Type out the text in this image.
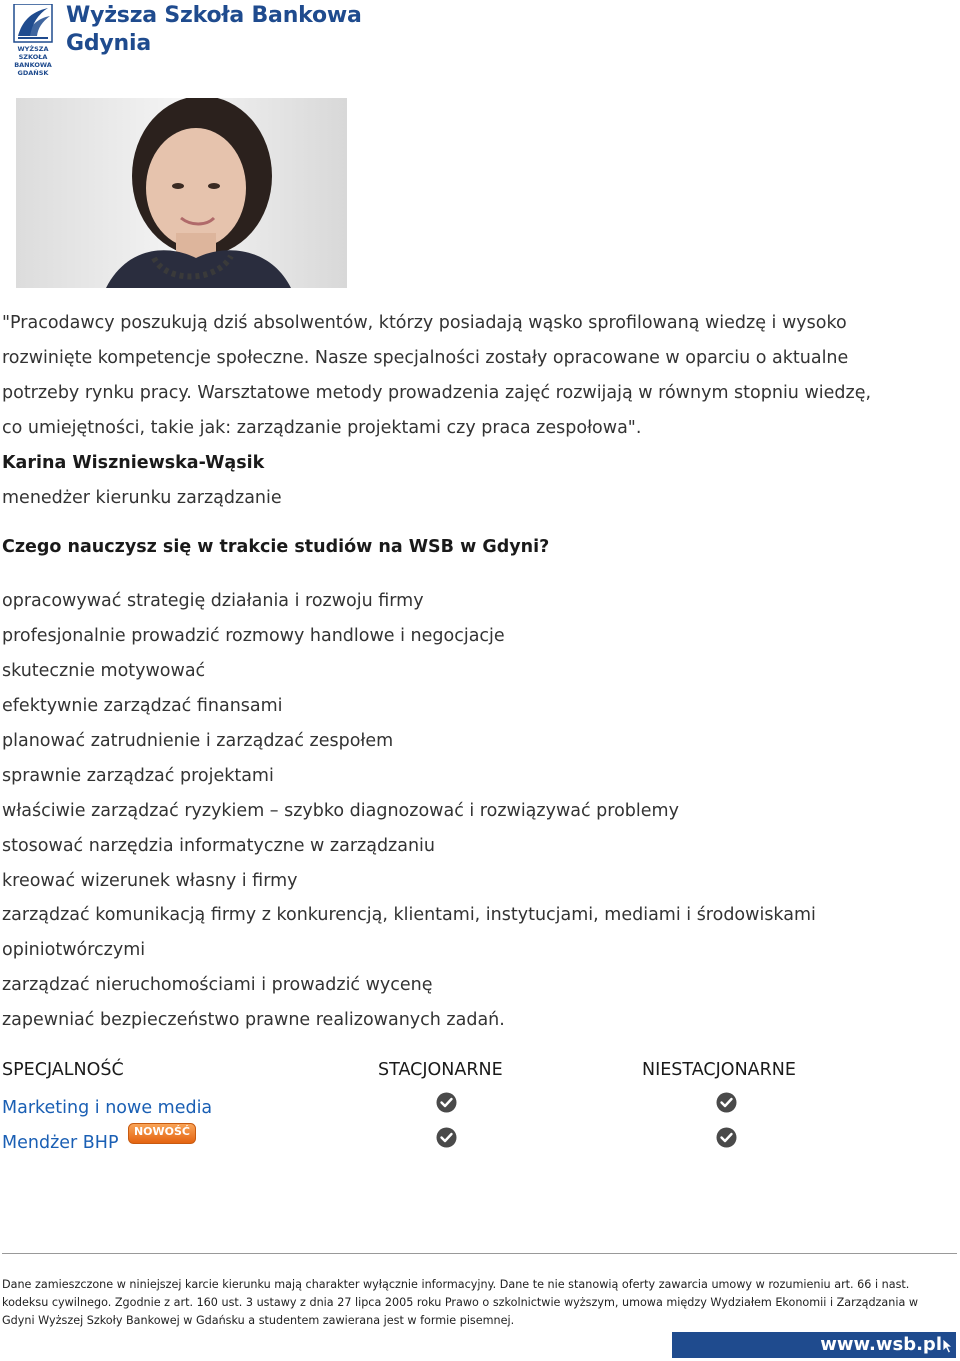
WYŻSZA SZKOŁA
BANKOWA
GDAŃSK
Wyższa Szkoła Bankowa
Gdynia
"Pracodawcy poszukują dziś absolwentów, którzy posiadają wąsko sprofilowaną wiedzę i wysoko
rozwinięte kompetencje społeczne. Nasze specjalności zostały opracowane w oparciu o aktualne
potrzeby rynku pracy. Warsztatowe metody prowadzenia zajęć rozwijają w równym stopniu wiedzę,
co umiejętności, takie jak: zarządzanie projektami czy praca zespołowa".
Karina Wiszniewska-Wąsik
menedżer kierunku zarządzanie
Czego nauczysz się w trakcie studiów na WSB w Gdyni?
opracowywać strategię działania i rozwoju firmy
profesjonalnie prowadzić rozmowy handlowe i negocjacje
skutecznie motywować
efektywnie zarządzać finansami
planować zatrudnienie i zarządzać zespołem
sprawnie zarządzać projektami
właściwie zarządzać ryzykiem – szybko diagnozować i rozwiązywać problemy
stosować narzędzia informatyczne w zarządzaniu
kreować wizerunek własny i firmy
zarządzać komunikacją firmy z konkurencją, klientami, instytucjami, mediami i środowiskami
opiniotwórczymi
zarządzać nieruchomościami i prowadzić wycenę
zapewniać bezpieczeństwo prawne realizowanych zadań.
SPECJALNOŚĆ	STACJONARNE	NIESTACJONARNE
Marketing i nowe media
Mendżer BHP
NOWOŚĆ
Dane zamieszczone w niniejszej karcie kierunku mają charakter wyłącznie informacyjny. Dane te nie stanowią oferty zawarcia umowy w rozumieniu art. 66 i nast.
kodeksu cywilnego. Zgodnie z art. 160 ust. 3 ustawy z dnia 27 lipca 2005 roku Prawo o szkolnictwie wyższym, umowa między Wydziałem Ekonomii i Zarządzania w
Gdyni Wyższej Szkoły Bankowej w Gdańsku a studentem zawierana jest w formie pisemnej.
www.wsb.pl
